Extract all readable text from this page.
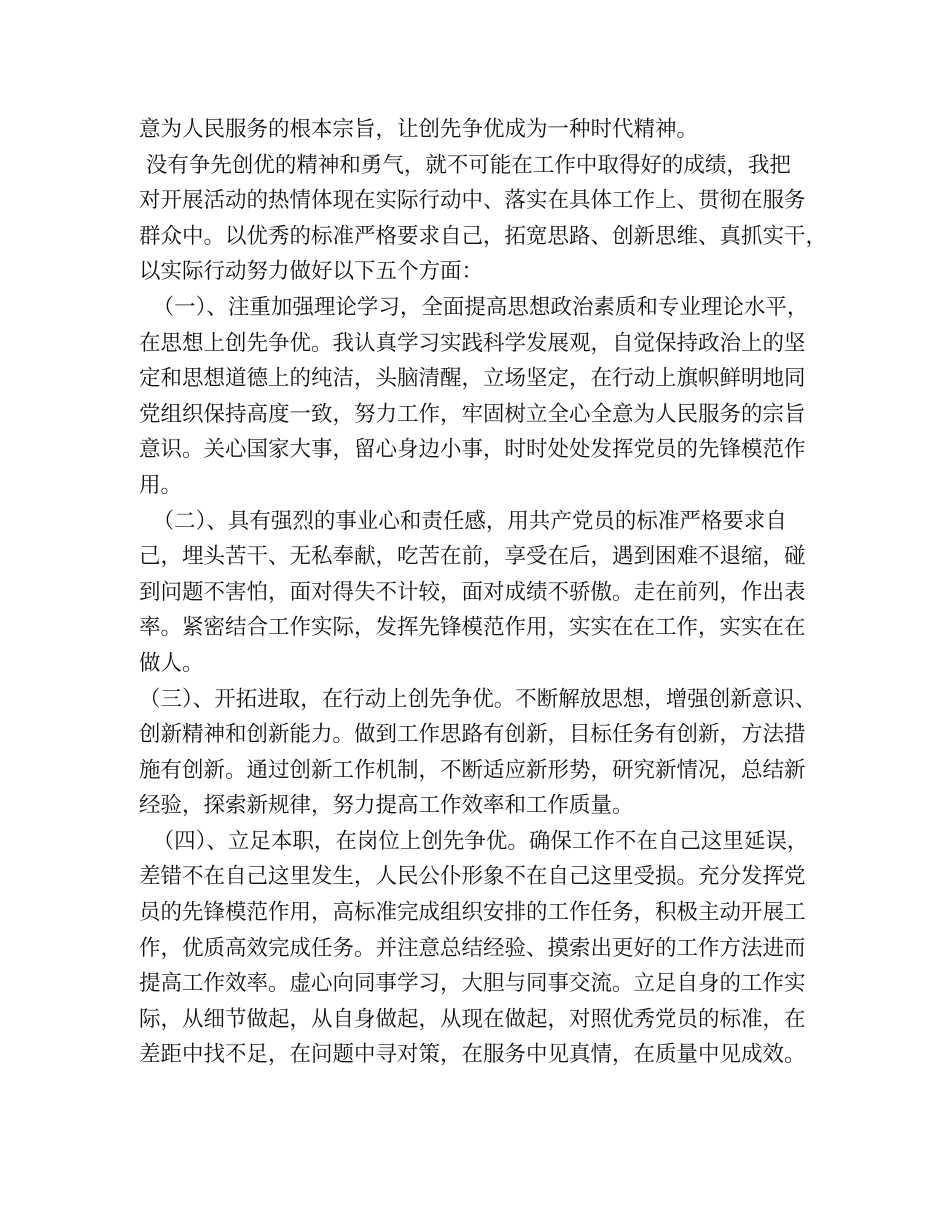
意为人民服务的根本宗旨，让创先争优成为一种时代精神。
没有争先创优的精神和勇气，就不可能在工作中取得好的成绩，我把
对开展活动的热情体现在实际行动中、落实在具体工作上、贯彻在服务
群众中。以优秀的标准严格要求自己，拓宽思路、创新思维、真抓实干，
以实际行动努力做好以下五个方面：
（一）、注重加强理论学习，全面提高思想政治素质和专业理论水平，
在思想上创先争优。我认真学习实践科学发展观，自觉保持政治上的坚
定和思想道德上的纯洁，头脑清醒，立场坚定，在行动上旗帜鲜明地同
党组织保持高度一致，努力工作，牢固树立全心全意为人民服务的宗旨
意识。关心国家大事，留心身边小事，时时处处发挥党员的先锋模范作
用。
（二）、具有强烈的事业心和责任感，用共产党员的标准严格要求自
己，埋头苦干、无私奉献，吃苦在前，享受在后，遇到困难不退缩，碰
到问题不害怕，面对得失不计较，面对成绩不骄傲。走在前列，作出表
率。紧密结合工作实际，发挥先锋模范作用，实实在在工作，实实在在
做人。
（三）、开拓进取，在行动上创先争优。不断解放思想，增强创新意识、
创新精神和创新能力。做到工作思路有创新，目标任务有创新，方法措
施有创新。通过创新工作机制，不断适应新形势，研究新情况，总结新
经验，探索新规律，努力提高工作效率和工作质量。
（四）、立足本职，在岗位上创先争优。确保工作不在自己这里延误，
差错不在自己这里发生，人民公仆形象不在自己这里受损。充分发挥党
员的先锋模范作用，高标准完成组织安排的工作任务，积极主动开展工
作，优质高效完成任务。并注意总结经验、摸索出更好的工作方法进而
提高工作效率。虚心向同事学习，大胆与同事交流。立足自身的工作实
际，从细节做起，从自身做起，从现在做起，对照优秀党员的标准，在
差距中找不足，在问题中寻对策，在服务中见真情，在质量中见成效。
